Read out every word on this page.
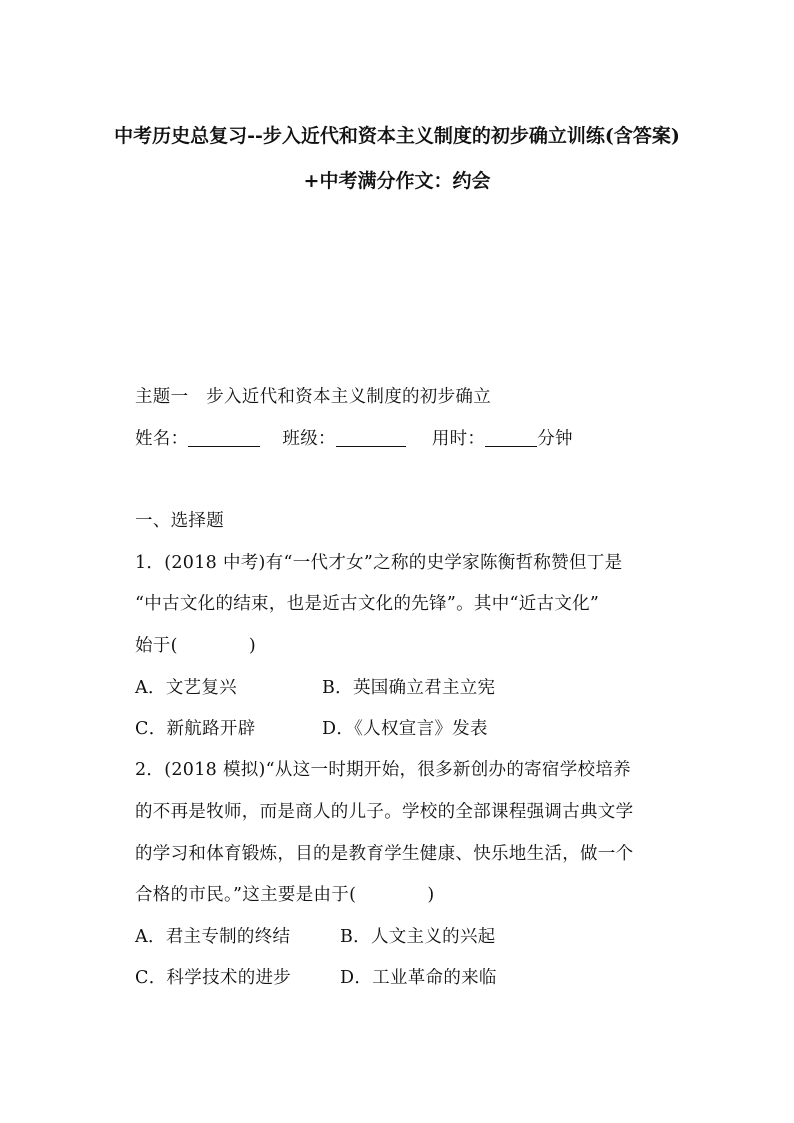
中考历史总复习--步入近代和资本主义制度的初步确立训练(含答案)
+中考满分作文：约会
主题一　步入近代和资本主义制度的初步确立
姓名：	班级：	用时：	分钟
一、选择题
1．(2018 中考)有“一代才女”之称的史学家陈衡哲称赞但丁是
“中古文化的结束，也是近古文化的先锋”。其中“近古文化”
始于(　　　　)
A．文艺复兴	B．英国确立君主立宪
C．新航路开辟	D．《人权宣言》发表
2．(2018 模拟)“从这一时期开始，很多新创办的寄宿学校培养
的不再是牧师，而是商人的儿子。学校的全部课程强调古典文学
的学习和体育锻炼，目的是教育学生健康、快乐地生活，做一个
合格的市民。”这主要是由于(　　　　)
A．君主专制的终结	B．人文主义的兴起
C．科学技术的进步	D．工业革命的来临
